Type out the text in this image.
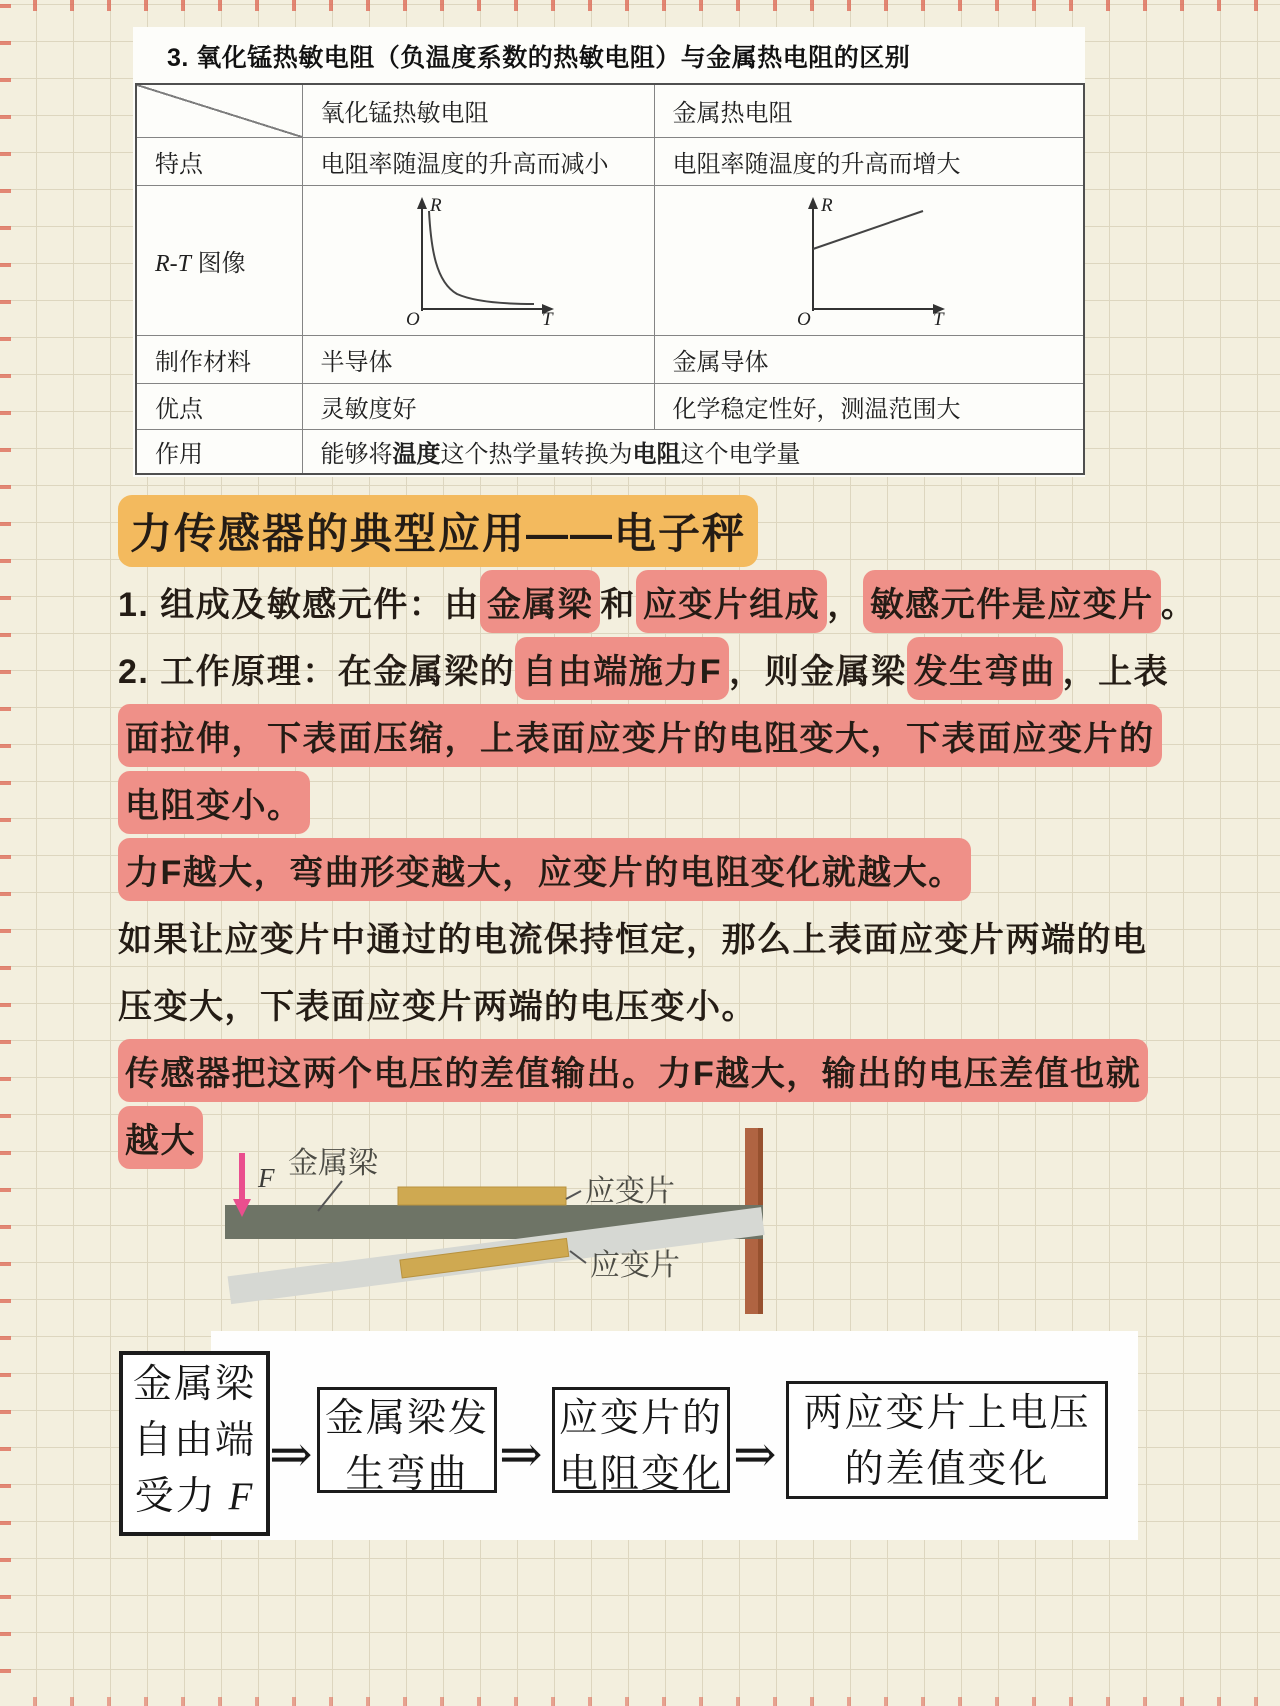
3. 氧化锰热敏电阻（负温度系数的热敏电阻）与金属热电阻的区别
	氧化锰热敏电阻	金属热电阻
特点	电阻率随温度的升高而减小	电阻率随温度的升高而增大
R-T 图像	R
T
O	R
T
O

制作材料	半导体	金属导体
优点	灵敏度好	化学稳定性好，测温范围大
作用	能够将温度这个热学量转换为电阻这个电学量	
力传感器的典型应用——电子秤
1. 组成及敏感元件：由 金属梁 和 应变片组成 ， 敏感元件是应变片 。
2. 工作原理：在金属梁的 自由端施力F ，则金属梁 发生弯曲 ，上表
面拉伸，下表面压缩，上表面应变片的电阻变大，下表面应变片的
电阻变小。
力F越大，弯曲形变越大，应变片的电阻变化就越大。
如果让应变片中通过的电流保持恒定，那么上表面应变片两端的电
压变大，下表面应变片两端的电压变小。
传感器把这两个电压的差值输出。力F越大，输出的电压差值也就
越大
F 金属梁
应变片
应变片
金属梁
自由端
受力 F
⇒
金属梁发
生弯曲 ⇒
应变片的
电阻变化 ⇒
两应变片上电压
的差值变化
